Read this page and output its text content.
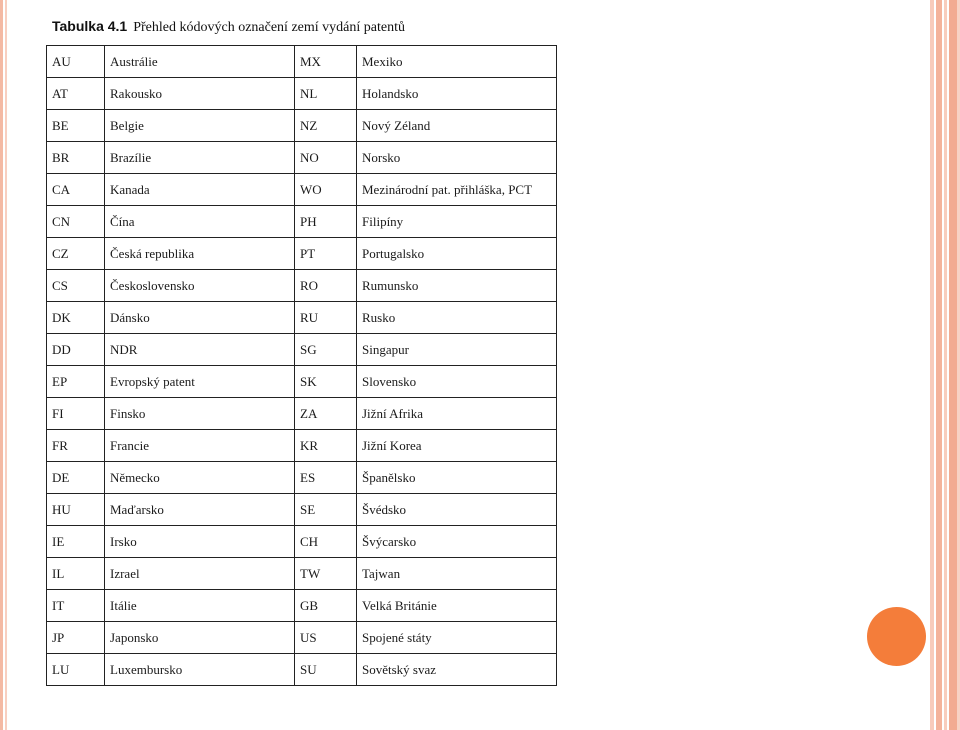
Tabulka 4.1 Přehled kódových označení zemí vydání patentů
AU	Austrálie	MX	Mexiko
AT	Rakousko	NL	Holandsko
BE	Belgie	NZ	Nový Zéland
BR	Brazílie	NO	Norsko
CA	Kanada	WO	Mezinárodní pat. přihláška, PCT
CN	Čína	PH	Filipíny
CZ	Česká republika	PT	Portugalsko
CS	Československo	RO	Rumunsko
DK	Dánsko	RU	Rusko
DD	NDR	SG	Singapur
EP	Evropský patent	SK	Slovensko
FI	Finsko	ZA	Jižní Afrika
FR	Francie	KR	Jižní Korea
DE	Německo	ES	Španělsko
HU	Maďarsko	SE	Švédsko
IE	Irsko	CH	Švýcarsko
IL	Izrael	TW	Tajwan
IT	Itálie	GB	Velká Británie
JP	Japonsko	US	Spojené státy
LU	Luxembursko	SU	Sovětský svaz
